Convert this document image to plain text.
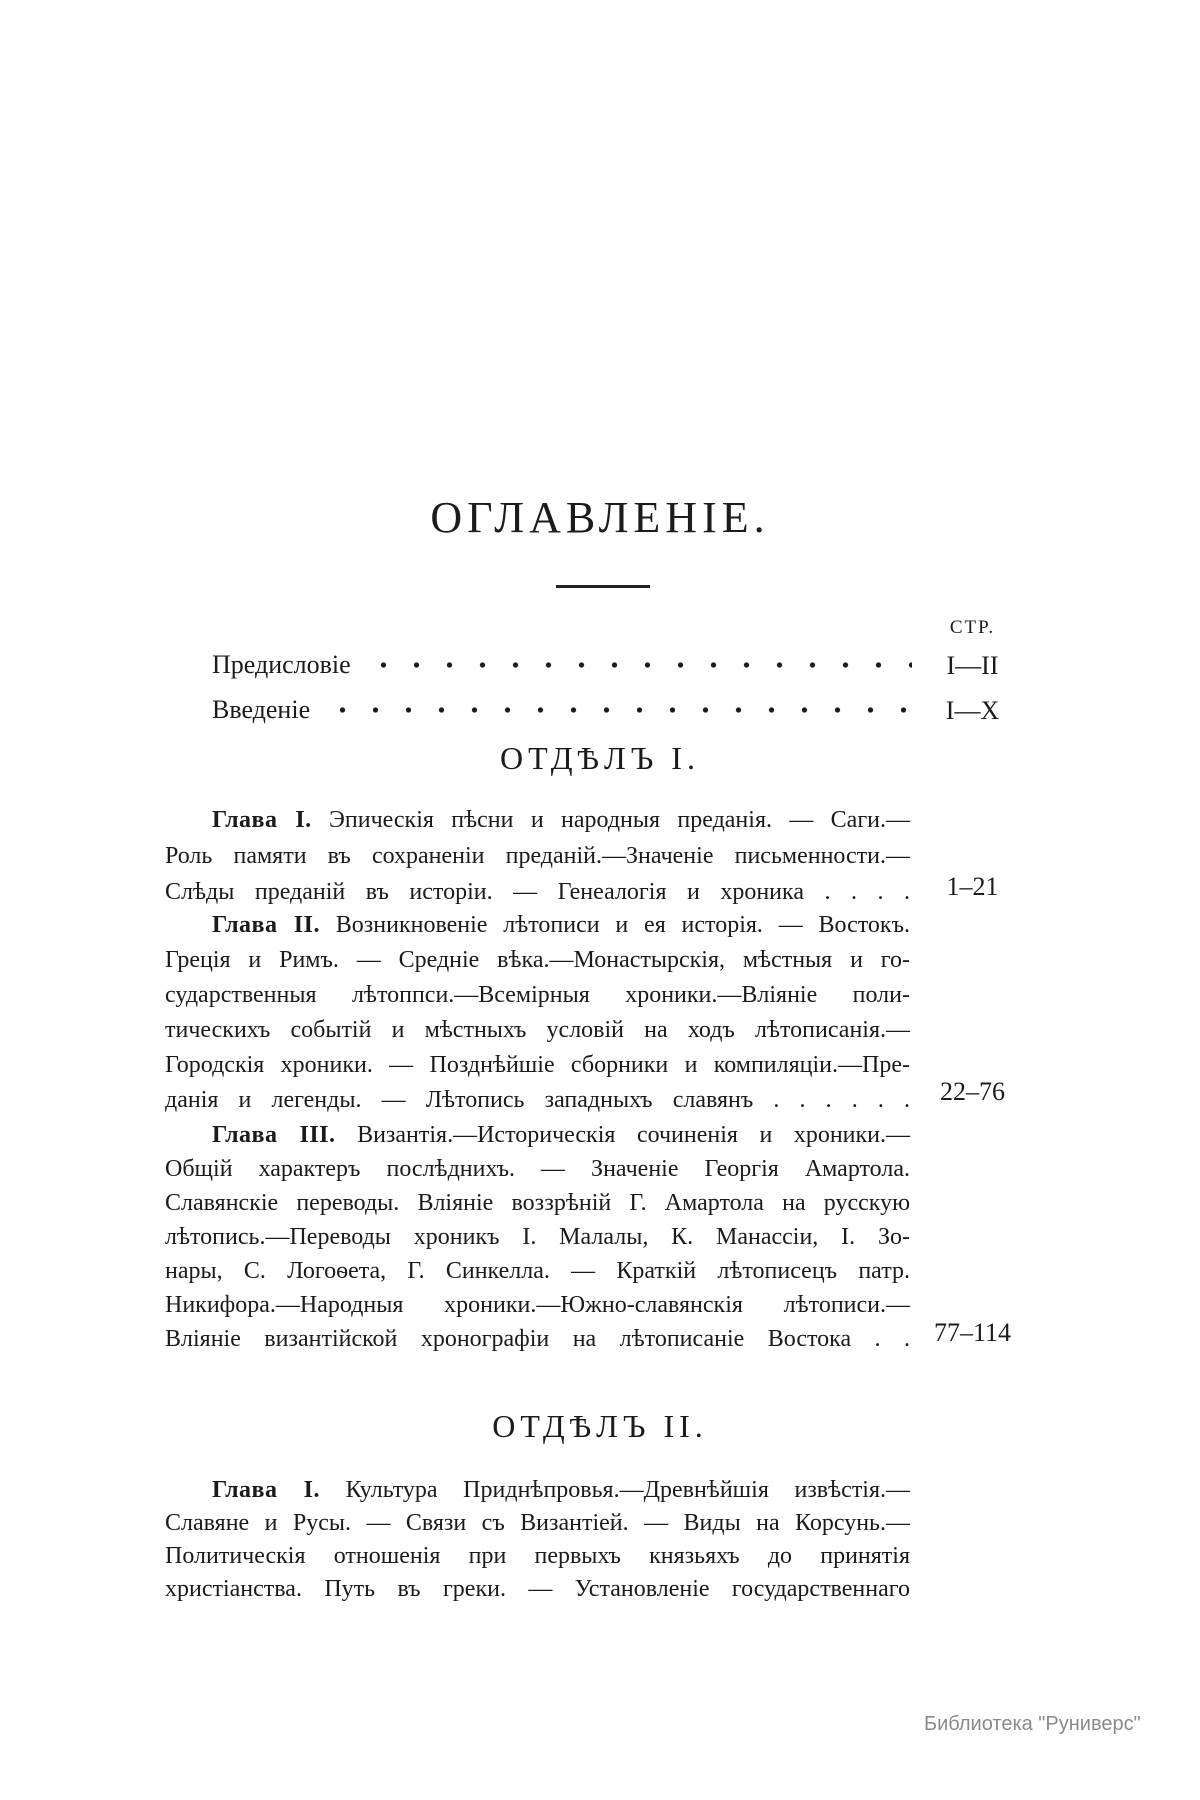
ОГЛАВЛЕНІЕ.
СТР.
Предисловіе	I—II
Введеніе	I—X
ОТДѢЛЪ I.
Глава I. Эпическія пѣсни и народныя преданія. — Саги.—
Роль памяти въ сохраненіи преданій.—Значеніе письменности.—
Слѣды преданій въ исторіи. — Генеалогія и хроника . . . .	1–21
Глава II. Возникновеніе лѣтописи и ея исторія. — Востокъ.
Греція и Римъ. — Средніе вѣка.—Монастырскія, мѣстныя и го-
сударственныя лѣтоппси.—Всемірныя хроники.—Вліяніе поли-
тическихъ событій и мѣстныхъ условій на ходъ лѣтописанія.—
Городскія хроники. — Позднѣйшіе сборники и компиляціи.—Пре-
данія и легенды. — Лѣтопись западныхъ славянъ . . . . . .	22–76
Глава III. Византія.—Историческія сочиненія и хроники.—
Общій характеръ послѣднихъ. — Значеніе Георгія Амартола.
Славянскіе переводы. Вліяніе воззрѣній Г. Амартола на русскую
лѣтопись.—Переводы хроникъ І. Малалы, К. Манассіи, І. Зо-
нары, С. Логоѳета, Г. Синкелла. — Краткій лѣтописецъ патр.
Никифора.—Народныя хроники.—Южно-славянскія лѣтописи.—
Вліяніе византійской хронографіи на лѣтописаніе Востока . . 77–114
ОТДѢЛЪ II.
Глава I. Культура Приднѣпровья.—Древнѣйшія извѣстія.—
Славяне и Русы. — Связи съ Византіей. — Виды на Корсунь.—
Политическія отношенія при первыхъ князьяхъ до принятія
христіанства. Путь въ греки. — Установленіе государственнаго
Библиотека "Руниверс"
